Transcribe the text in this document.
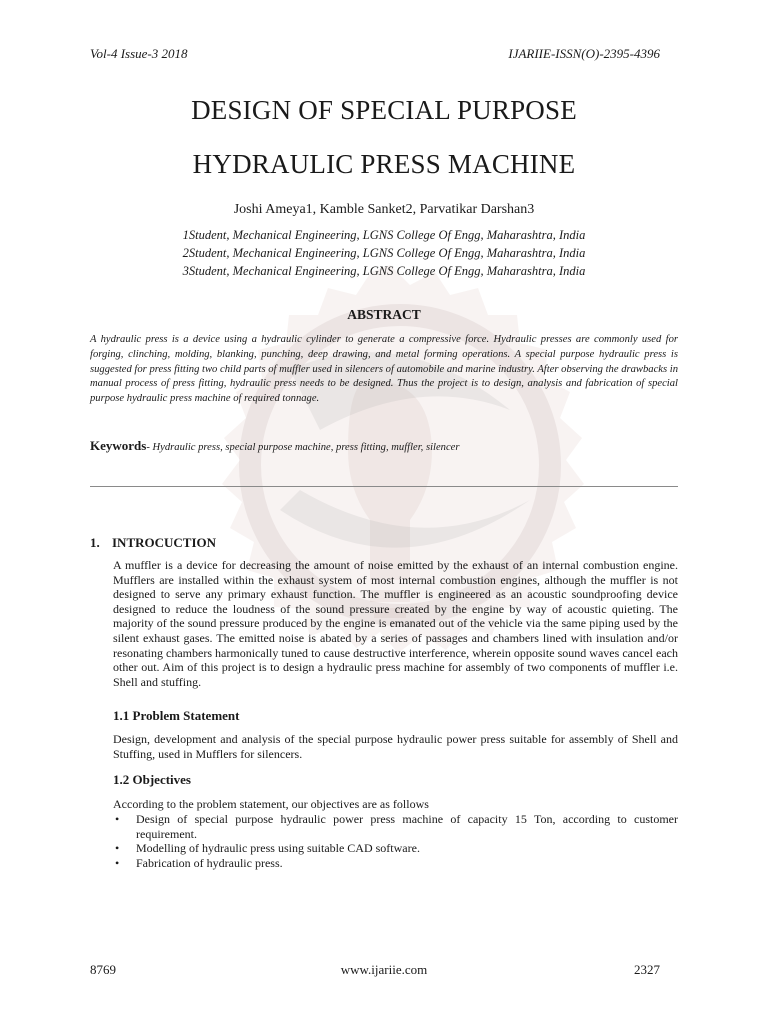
Vol-4 Issue-3 2018	IJARIIE-ISSN(O)-2395-4396
DESIGN OF SPECIAL PURPOSE
HYDRAULIC PRESS MACHINE
Joshi Ameya1, Kamble Sanket2, Parvatikar Darshan3
1Student, Mechanical Engineering, LGNS College Of Engg, Maharashtra, India
2Student, Mechanical Engineering, LGNS College Of Engg, Maharashtra, India
3Student, Mechanical Engineering, LGNS College Of Engg, Maharashtra, India
ABSTRACT
A hydraulic press is a device using a hydraulic cylinder to generate a compressive force. Hydraulic presses are commonly used for forging, clinching, molding, blanking, punching, deep drawing, and metal forming operations. A special purpose hydraulic press is suggested for press fitting two child parts of muffler used in silencers of automobile and marine industry. After observing the drawbacks in manual process of press fitting, hydraulic press needs to be designed. Thus the project is to design, analysis and fabrication of special purpose hydraulic press machine of required tonnage.
Keywords- Hydraulic press, special purpose machine, press fitting, muffler, silencer
1. INTROCUCTION
A muffler is a device for decreasing the amount of noise emitted by the exhaust of an internal combustion engine. Mufflers are installed within the exhaust system of most internal combustion engines, although the muffler is not designed to serve any primary exhaust function. The muffler is engineered as an acoustic soundproofing device designed to reduce the loudness of the sound pressure created by the engine by way of acoustic quieting. The majority of the sound pressure produced by the engine is emanated out of the vehicle via the same piping used by the silent exhaust gases. The emitted noise is abated by a series of passages and chambers lined with insulation and/or resonating chambers harmonically tuned to cause destructive interference, wherein opposite sound waves cancel each other out. Aim of this project is to design a hydraulic press machine for assembly of two components of muffler i.e. Shell and stuffing.
1.1 Problem Statement
Design, development and analysis of the special purpose hydraulic power press suitable for assembly of Shell and Stuffing, used in Mufflers for silencers.
1.2 Objectives
According to the problem statement, our objectives are as follows
• Design of special purpose hydraulic power press machine of capacity 15 Ton, according to customer requirement.
• Modelling of hydraulic press using suitable CAD software.
• Fabrication of hydraulic press.
8769	www.ijariie.com	2327
